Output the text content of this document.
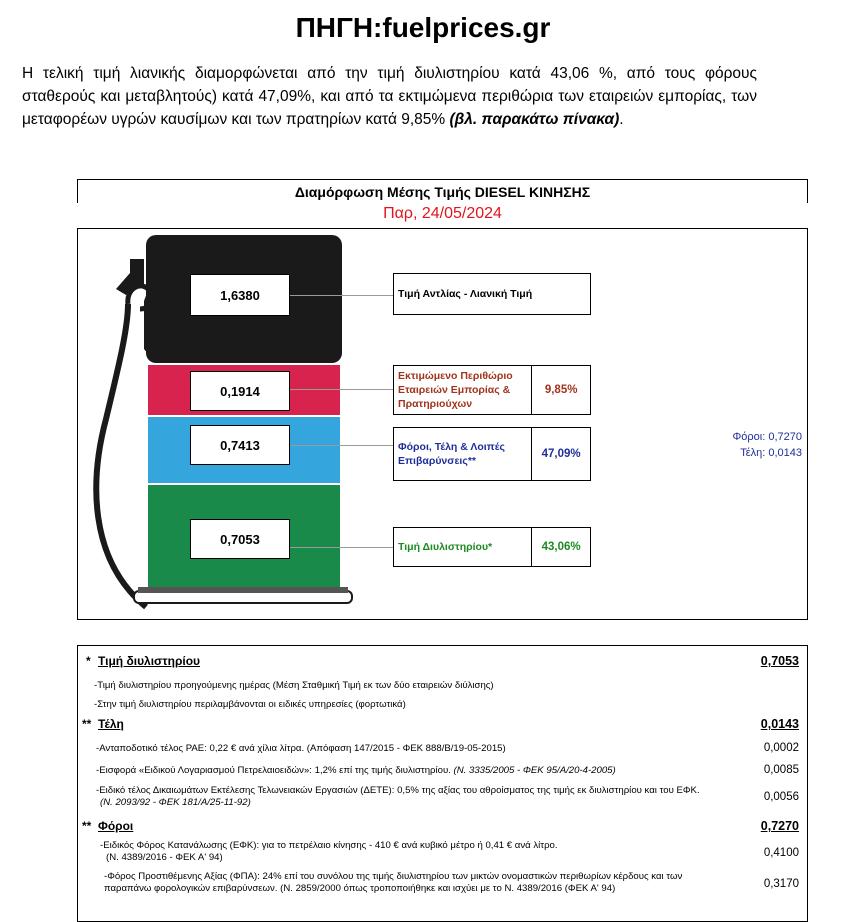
ΠΗΓΗ:fuelprices.gr
Η τελική τιμή λιανικής διαμορφώνεται από την τιμή διυλιστηρίου κατά 43,06 %, από τους φόρους σταθερούς και μεταβλητούς) κατά 47,09%, και από τα εκτιμώμενα περιθώρια των εταιρειών εμπορίας, των μεταφορέων υγρών καυσίμων και των πρατηρίων κατά 9,85% (βλ. παρακάτω πίνακα).
Διαμόρφωση Μέσης Τιμής DIESEL ΚΙΝΗΣΗΣ
Παρ, 24/05/2024
1,6380
0,1914
0,7413
0,7053
Τιμή Αντλίας - Λιανική Τιμή
Εκτιμώμενο Περιθώριο Εταιρειών Εμπορίας & Πρατηριούχων
9,85%
Φόροι, Τέλη & Λοιπές Επιβαρύνσεις**
47,09%
Τιμή Διυλιστηρίου*	43,06%
Φόροι: 0,7270
Τέλη: 0,0143
* Τιμή διυλιστηρίου	0,7053
-Τιμή διυλιστηρίου προηγούμενης ημέρας (Μέση Σταθμική Τιμή εκ των δύο εταιρειών διύλισης)
-Στην τιμή διυλιστηρίου περιλαμβάνονται οι ειδικές υπηρεσίες (φορτωτικά)
** Τέλη	0,0143
-Ανταποδοτικό τέλος ΡΑΕ: 0,22 € ανά χίλια λίτρα. (Απόφαση 147/2015 - ΦΕΚ 888/Β/19-05-2015)	0,0002
-Εισφορά «Ειδικού Λογαριασμού Πετρελαιοειδών»: 1,2% επί της τιμής διυλιστηρίου. (Ν. 3335/2005 - ΦΕΚ 95/Α/20-4-2005)	0,0085
-Ειδικό τέλος Δικαιωμάτων Εκτέλεσης Τελωνειακών Εργασιών (ΔΕΤΕ): 0,5% της αξίας του αθροίσματος της τιμής εκ διυλιστηρίου και του ΕΦΚ.
(Ν. 2093/92 - ΦΕΚ 181/Α/25-11-92)	0,0056
** Φόροι	0,7270
-Ειδικός Φόρος Κατανάλωσης (ΕΦΚ): για το πετρέλαιο κίνησης - 410 € ανά κυβικό μέτρο ή 0,41 € ανά λίτρο.
(Ν. 4389/2016 - ΦΕΚ Α' 94)	0,4100
-Φόρος Προστιθέμενης Αξίας (ΦΠΑ): 24% επί του συνόλου της τιμής διυλιστηρίου των μικτών ονομαστικών περιθωρίων κέρδους και των
παραπάνω φορολογικών επιβαρύνσεων. (Ν. 2859/2000 όπως τροποποιήθηκε και ισχύει με το Ν. 4389/2016 (ΦΕΚ Α' 94)	0,3170
